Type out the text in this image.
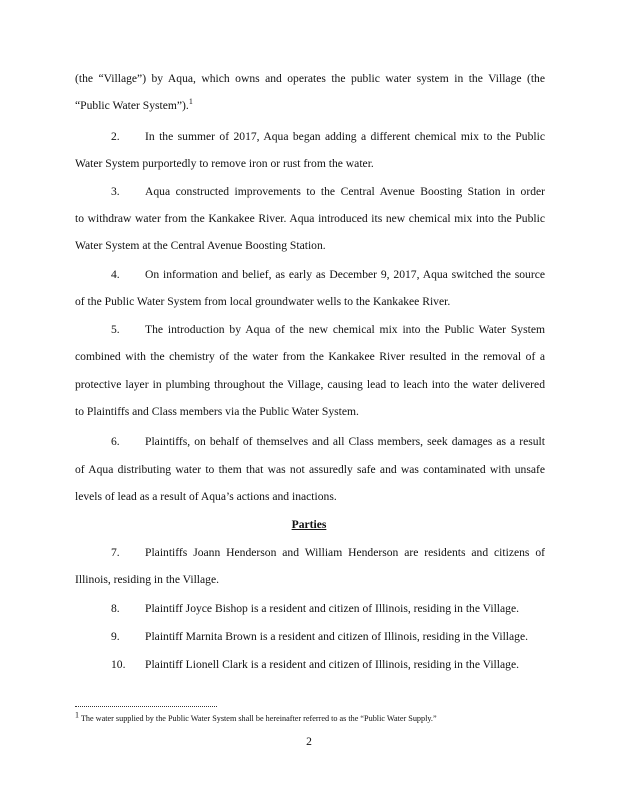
(the “Village”) by Aqua, which owns and operates the public water system in the Village (the
“Public Water System”).$^1$
2. In the summer of 2017, Aqua began adding a different chemical mix to the Public
Water System purportedly to remove iron or rust from the water.
3. Aqua constructed improvements to the Central Avenue Boosting Station in order
to withdraw water from the Kankakee River. Aqua introduced its new chemical mix into the Public
Water System at the Central Avenue Boosting Station.
4. On information and belief, as early as December 9, 2017, Aqua switched the source
of the Public Water System from local groundwater wells to the Kankakee River.
5. The introduction by Aqua of the new chemical mix into the Public Water System
combined with the chemistry of the water from the Kankakee River resulted in the removal of a
protective layer in plumbing throughout the Village, causing lead to leach into the water delivered
to Plaintiffs and Class members via the Public Water System.
6. Plaintiffs, on behalf of themselves and all Class members, seek damages as a result
of Aqua distributing water to them that was not assuredly safe and was contaminated with unsafe
levels of lead as a result of Aqua’s actions and inactions.
Parties
7. Plaintiffs Joann Henderson and William Henderson are residents and citizens of
Illinois, residing in the Village.
8. Plaintiff Joyce Bishop is a resident and citizen of Illinois, residing in the Village.
9. Plaintiff Marnita Brown is a resident and citizen of Illinois, residing in the Village.
10. Plaintiff Lionell Clark is a resident and citizen of Illinois, residing in the Village.
$^1$ The water supplied by the Public Water System shall be hereinafter referred to as the “Public Water Supply.”
2
